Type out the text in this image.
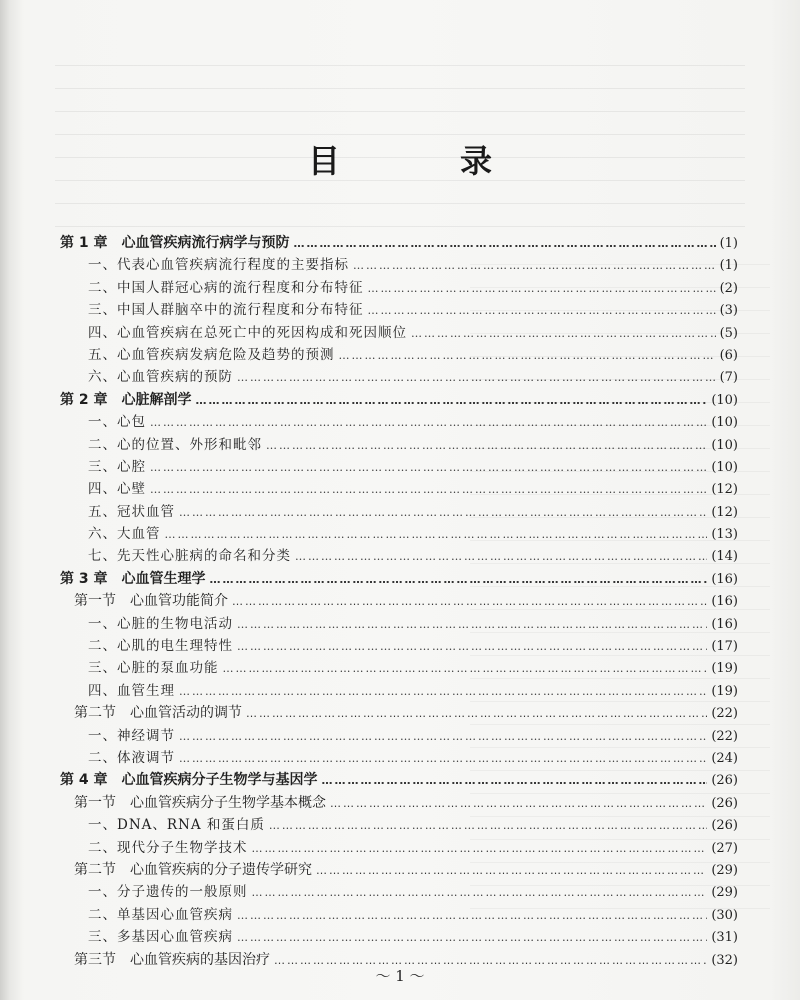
目　录
第 1 章　心血管疾病流行病学与预防 …………………………………………………………………………………………………………………………………………………………………………………………………………………………………	(1)
一、代表心血管疾病流行程度的主要指标 …………………………………………………………………………………………………………………………………………………………………………………………………………………………………	(1)
二、中国人群冠心病的流行程度和分布特征 …………………………………………………………………………………………………………………………………………………………………………………………………………………………………	(2)
三、中国人群脑卒中的流行程度和分布特征 …………………………………………………………………………………………………………………………………………………………………………………………………………………………………	(3)
四、心血管疾病在总死亡中的死因构成和死因顺位 …………………………………………………………………………………………………………………………………………………………………………………………………………………………………	(5)
五、心血管疾病发病危险及趋势的预测 …………………………………………………………………………………………………………………………………………………………………………………………………………………………………	(6)
六、心血管疾病的预防 …………………………………………………………………………………………………………………………………………………………………………………………………………………………………	(7)
第 2 章　心脏解剖学 …………………………………………………………………………………………………………………………………………………………………………………………………………………………………	(10)
一、心包 …………………………………………………………………………………………………………………………………………………………………………………………………………………………………	(10)
二、心的位置、外形和毗邻 …………………………………………………………………………………………………………………………………………………………………………………………………………………………………	(10)
三、心腔 …………………………………………………………………………………………………………………………………………………………………………………………………………………………………	(10)
四、心壁 …………………………………………………………………………………………………………………………………………………………………………………………………………………………………	(12)
五、冠状血管 …………………………………………………………………………………………………………………………………………………………………………………………………………………………………	(12)
六、大血管 …………………………………………………………………………………………………………………………………………………………………………………………………………………………………	(13)
七、先天性心脏病的命名和分类 …………………………………………………………………………………………………………………………………………………………………………………………………………………………………	(14)
第 3 章　心血管生理学 …………………………………………………………………………………………………………………………………………………………………………………………………………………………………	(16)
第一节　心血管功能简介 …………………………………………………………………………………………………………………………………………………………………………………………………………………………………	(16)
一、心脏的生物电活动 …………………………………………………………………………………………………………………………………………………………………………………………………………………………………	(16)
二、心肌的电生理特性 …………………………………………………………………………………………………………………………………………………………………………………………………………………………………	(17)
三、心脏的泵血功能 …………………………………………………………………………………………………………………………………………………………………………………………………………………………………	(19)
四、血管生理 …………………………………………………………………………………………………………………………………………………………………………………………………………………………………	(19)
第二节　心血管活动的调节 …………………………………………………………………………………………………………………………………………………………………………………………………………………………………	(22)
一、神经调节 …………………………………………………………………………………………………………………………………………………………………………………………………………………………………	(22)
二、体液调节 …………………………………………………………………………………………………………………………………………………………………………………………………………………………………	(24)
第 4 章　心血管疾病分子生物学与基因学 …………………………………………………………………………………………………………………………………………………………………………………………………………………………………	(26)
第一节　心血管疾病分子生物学基本概念 …………………………………………………………………………………………………………………………………………………………………………………………………………………………………	(26)
一、DNA、RNA 和蛋白质 …………………………………………………………………………………………………………………………………………………………………………………………………………………………………	(26)
二、现代分子生物学技术 …………………………………………………………………………………………………………………………………………………………………………………………………………………………………	(27)
第二节　心血管疾病的分子遗传学研究 …………………………………………………………………………………………………………………………………………………………………………………………………………………………………	(29)
一、分子遗传的一般原则 …………………………………………………………………………………………………………………………………………………………………………………………………………………………………	(29)
二、单基因心血管疾病 …………………………………………………………………………………………………………………………………………………………………………………………………………………………………	(30)
三、多基因心血管疾病 …………………………………………………………………………………………………………………………………………………………………………………………………………………………………	(31)
第三节　心血管疾病的基因治疗 …………………………………………………………………………………………………………………………………………………………………………………………………………………………………	(32)
～ 1 ～
